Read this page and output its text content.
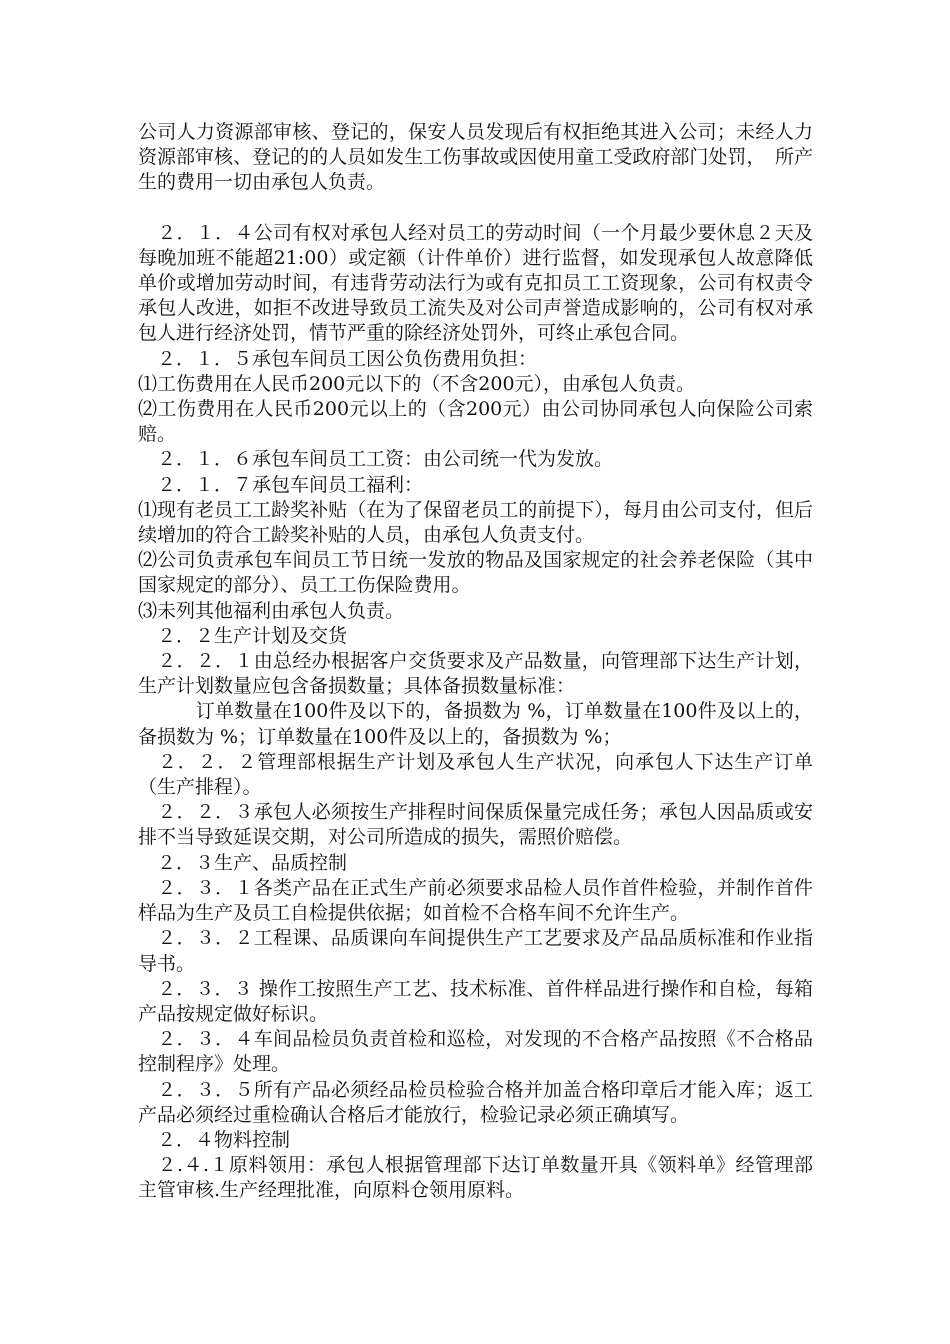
公司人力资源部审核、登记的，保安人员发现后有权拒绝其进入公司；未经人力资源部审核、登记的的人员如发生工伤事故或因使用童工受政府部门处罚，　所产生的费用一切由承包人负责。

　２．１．４公司有权对承包人经对员工的劳动时间（一个月最少要休息２天及每晚加班不能超21:00）或定额（计件单价）进行监督，如发现承包人故意降低单价或增加劳动时间，有违背劳动法行为或有克扣员工工资现象，公司有权责令承包人改进，如拒不改进导致员工流失及对公司声誉造成影响的，公司有权对承包人进行经济处罚，情节严重的除经济处罚外，可终止承包合同。

　２．１．５承包车间员工因公负伤费用负担：

⑴工伤费用在人民币200元以下的（不含200元），由承包人负责。

⑵工伤费用在人民币200元以上的（含200元）由公司协同承包人向保险公司索赔。

　２．１．６承包车间员工工资：由公司统一代为发放。

　２．１．７承包车间员工福利：

⑴现有老员工工龄奖补贴（在为了保留老员工的前提下），每月由公司支付，但后续增加的符合工龄奖补贴的人员，由承包人负责支付。

⑵公司负责承包车间员工节日统一发放的物品及国家规定的社会养老保险（其中国家规定的部分）、员工工伤保险费用。

⑶未列其他福利由承包人负责。

　２．２生产计划及交货

　２．２．１由总经办根据客户交货要求及产品数量，向管理部下达生产计划，生产计划数量应包含备损数量；具体备损数量标准：

　　　订单数量在100件及以下的，备损数为 %，订单数量在100件及以上的，备损数为 %；订单数量在100件及以上的，备损数为 %；

　２．２．２管理部根据生产计划及承包人生产状况，向承包人下达生产订单（生产排程）。

　２．２．３承包人必须按生产排程时间保质保量完成任务；承包人因品质或安排不当导致延误交期，对公司所造成的损失，需照价赔偿。

　２．３生产、品质控制

　２．３．１各类产品在正式生产前必须要求品检人员作首件检验，并制作首件样品为生产及员工自检提供依据；如首检不合格车间不允许生产。

　２．３．２工程课、品质课向车间提供生产工艺要求及产品品质标准和作业指导书。

　２．３．３ 操作工按照生产工艺、技术标准、首件样品进行操作和自检，每箱产品按规定做好标识。

　２．３．４车间品检员负责首检和巡检，对发现的不合格产品按照《不合格品控制程序》处理。

　２．３．５所有产品必须经品检员检验合格并加盖合格印章后才能入库；返工产品必须经过重检确认合格后才能放行，检验记录必须正确填写。

　２．４物料控制

　２.４.１原料领用：承包人根据管理部下达订单数量开具《领料单》经管理部主管审核.生产经理批准，向原料仓领用原料。
